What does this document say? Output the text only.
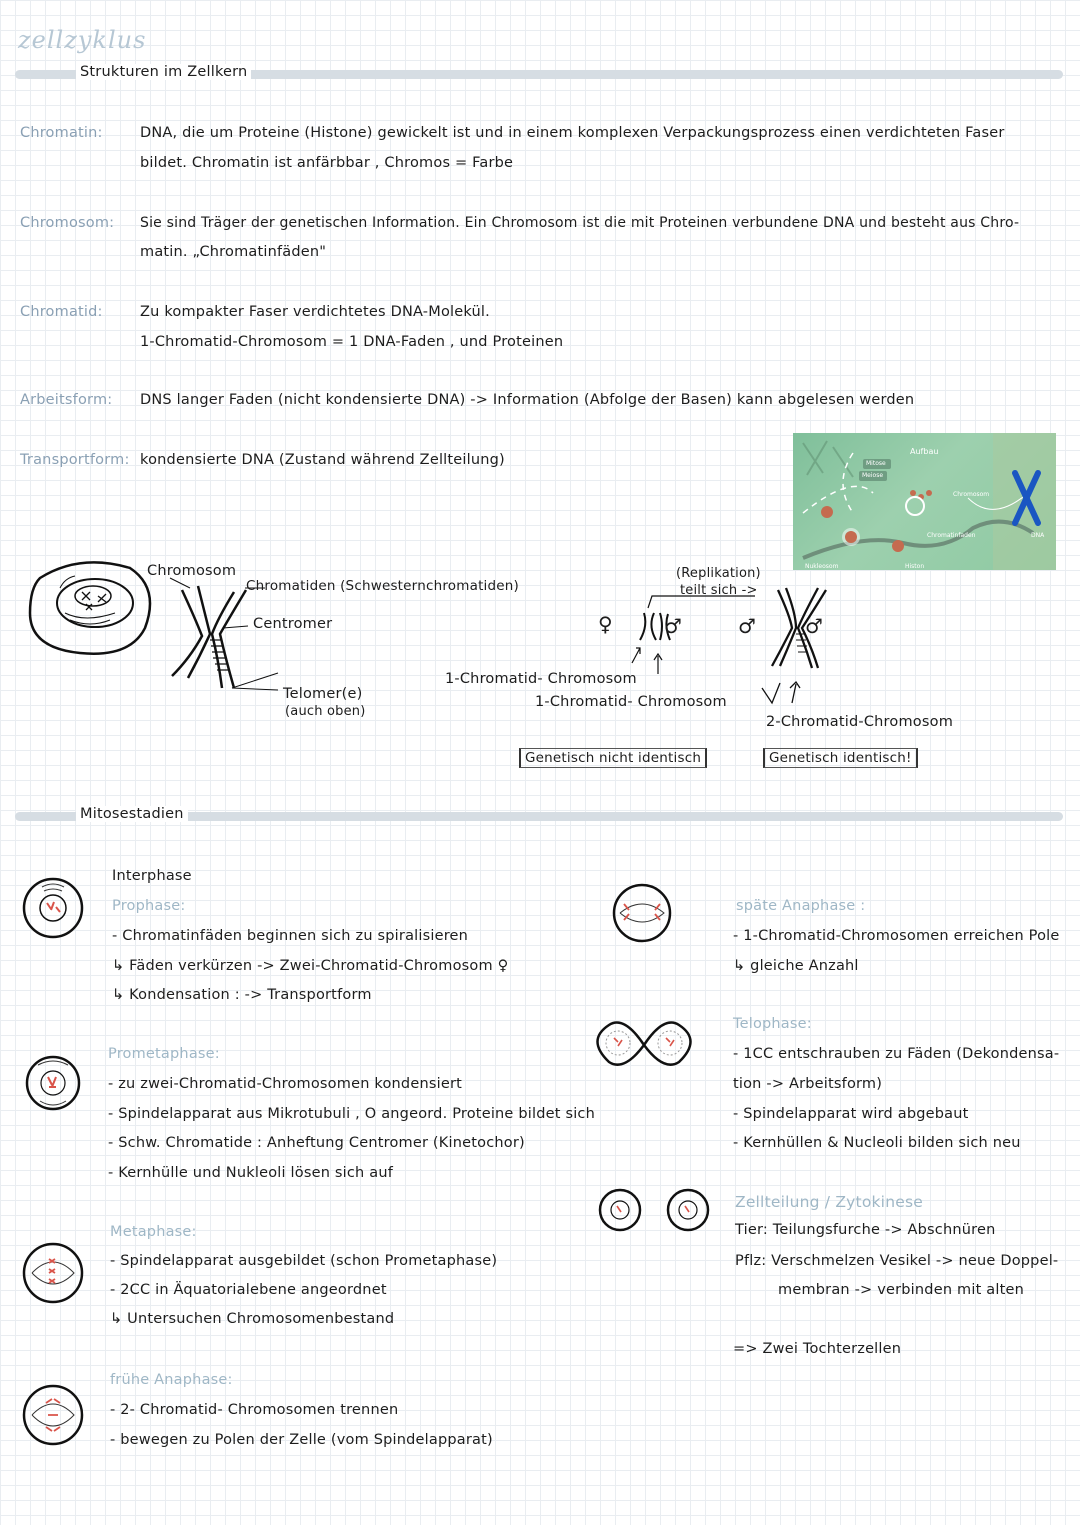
zellzyklus
Strukturen im Zellkern
Chromatin:	DNA, die um Proteine (Histone) gewickelt ist und in einem komplexen Verpackungsprozess einen verdichteten Faser
bildet. Chromatin ist anfärbbar , Chromos = Farbe
Chromosom: Sie sind Träger der genetischen Information. Ein Chromosom ist die mit Proteinen verbundene DNA und besteht aus Chro-
matin. „Chromatinfäden"
Chromatid:	Zu kompakter Faser verdichtetes DNA-Molekül.
1-Chromatid-Chromosom = 1 DNA-Faden , und Proteinen
Arbeitsform: DNS langer Faden (nicht kondensierte DNA) -> Information (Abfolge der Basen) kann abgelesen werden
Transportform: kondensierte DNA (Zustand während Zellteilung)
Aufbau
Mitose
Meiose
Chromosom
Chromatinfaden	DNA
Nukleosom	Histon
Chromosom
Chromatiden (Schwesternchromatiden)
Centromer
Telomer(e)
(auch oben)
(Replikation)
teilt sich ->
♀	♂	♂ ♂
1-Chromatid- Chromosom
1-Chromatid- Chromosom
2-Chromatid-Chromosom
Genetisch nicht identisch	Genetisch identisch!
Mitosestadien
Interphase
Prophase:
- Chromatinfäden beginnen sich zu spiralisieren
↳ Fäden verkürzen -> Zwei-Chromatid-Chromosom ♀
↳ Kondensation : -> Transportform
Prometaphase:
- zu zwei-Chromatid-Chromosomen kondensiert
- Spindelapparat aus Mikrotubuli , O angeord. Proteine bildet sich
- Schw. Chromatide : Anheftung Centromer (Kinetochor)
- Kernhülle und Nukleoli lösen sich auf
Metaphase:
- Spindelapparat ausgebildet (schon Prometaphase)
- 2CC in Äquatorialebene angeordnet
↳ Untersuchen Chromosomenbestand
frühe Anaphase:
- 2- Chromatid- Chromosomen trennen
- bewegen zu Polen der Zelle (vom Spindelapparat)
späte Anaphase :
- 1-Chromatid-Chromosomen erreichen Pole
↳ gleiche Anzahl
Telophase:
- 1CC entschrauben zu Fäden (Dekondensa-
tion -> Arbeitsform)
- Spindelapparat wird abgebaut
- Kernhüllen & Nucleoli bilden sich neu
Zellteilung / Zytokinese
Tier: Teilungsfurche -> Abschnüren
Pflz: Verschmelzen Vesikel -> neue Doppel-
membran -> verbinden mit alten
=> Zwei Tochterzellen
